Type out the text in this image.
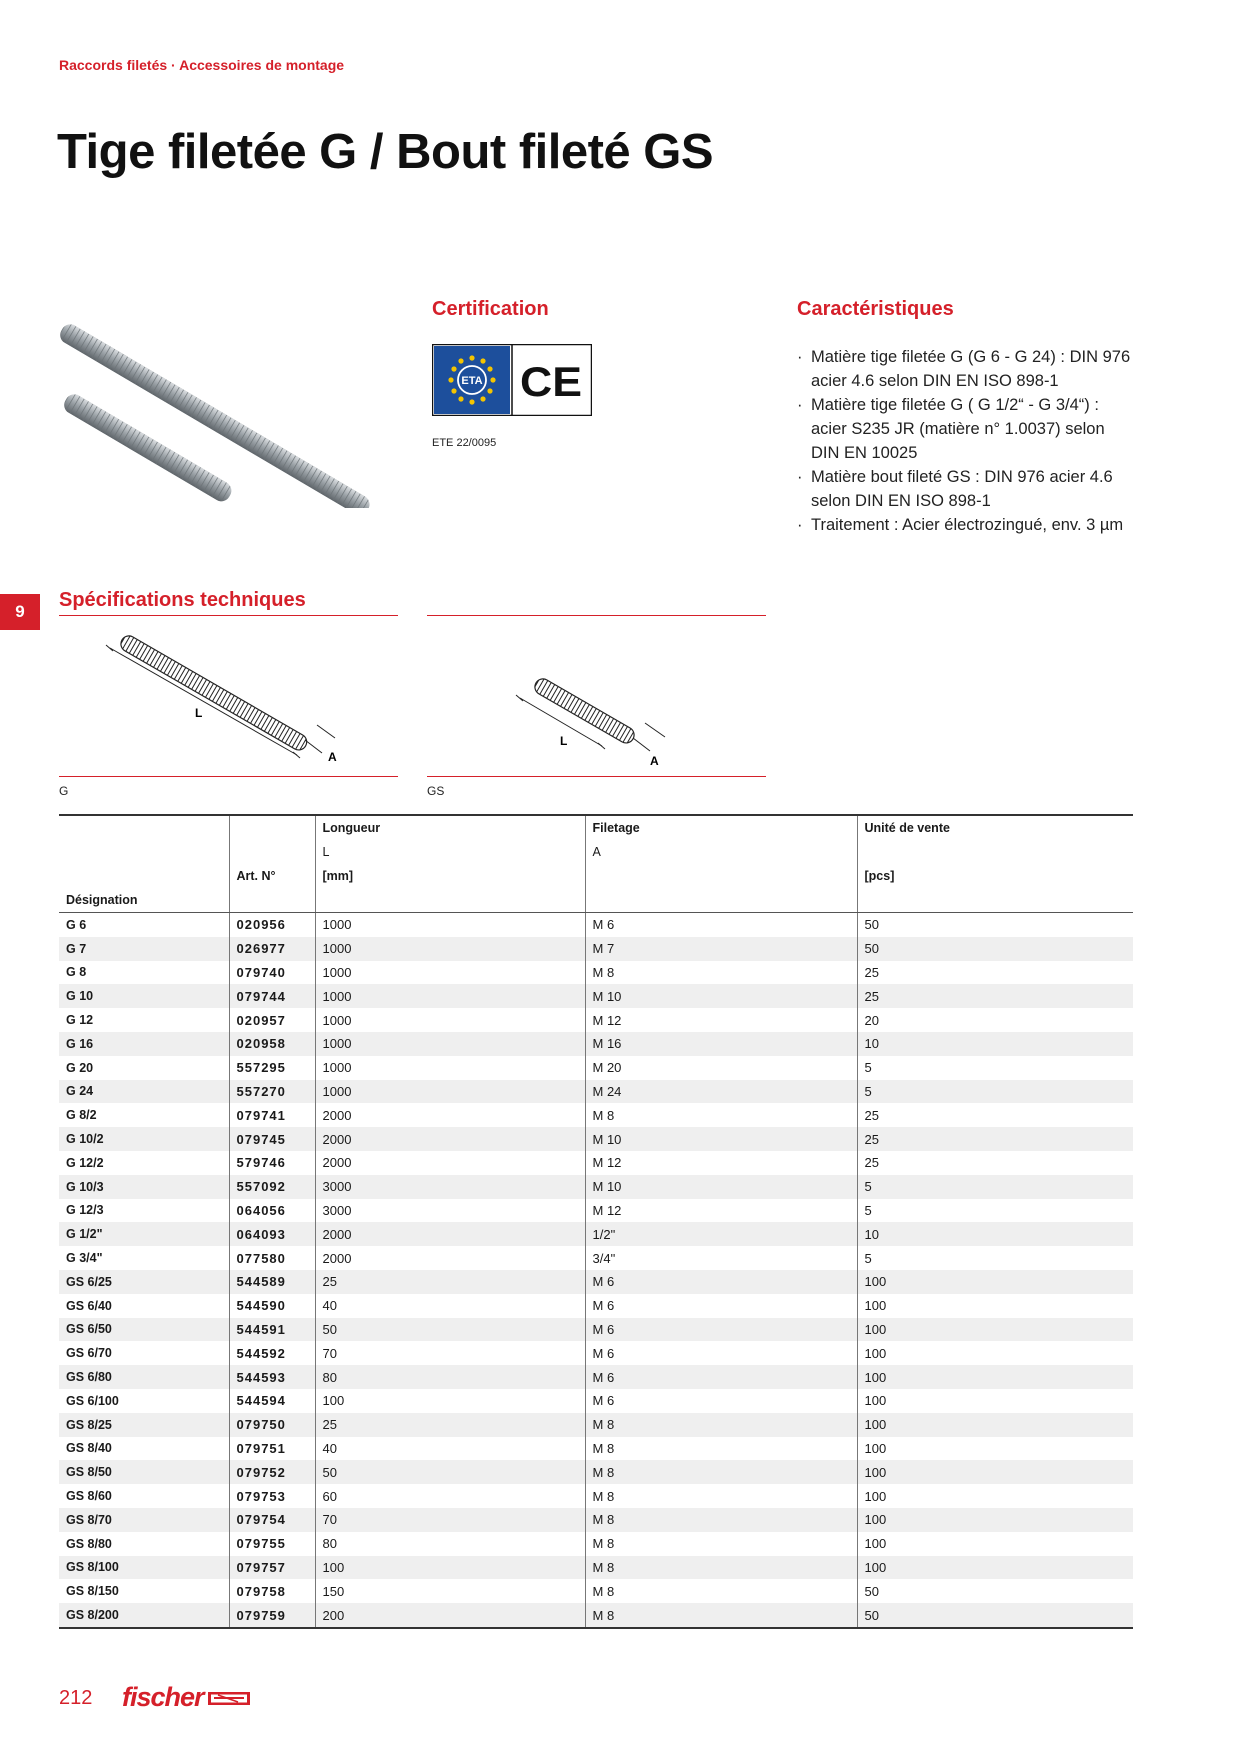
Raccords filetés · Accessoires de montage
Tige filetée G / Bout fileté GS
Certification
ETA CE
ETE 22/0095
Caractéristiques
· Matière tige filetée G (G 6 - G 24) : DIN 976 acier 4.6 selon DIN EN ISO 898-1
· Matière tige filetée G ( G 1/2“ - G 3/4“) : acier S235 JR (matière n° 1.0037) selon DIN EN 10025
· Matière bout fileté GS : DIN 976 acier 4.6 selon DIN EN ISO 898-1
· Traitement : Acier électrozingué, env. 3 µm
9
Spécifications techniques
L
A
L
A
G	GS
		Longueur	Filetage	Unité de vente
		L	A	
	Art. N°	[mm]		[pcs]
Désignation				
G 6	020956	1000	M 6	50
G 7	026977	1000	M 7	50
G 8	079740	1000	M 8	25
G 10	079744	1000	M 10	25
G 12	020957	1000	M 12	20
G 16	020958	1000	M 16	10
G 20	557295	1000	M 20	5
G 24	557270	1000	M 24	5
G 8/2	079741	2000	M 8	25
G 10/2	079745	2000	M 10	25
G 12/2	579746	2000	M 12	25
G 10/3	557092	3000	M 10	5
G 12/3	064056	3000	M 12	5
G 1/2"	064093	2000	1/2"	10
G 3/4"	077580	2000	3/4"	5
GS 6/25	544589	25	M 6	100
GS 6/40	544590	40	M 6	100
GS 6/50	544591	50	M 6	100
GS 6/70	544592	70	M 6	100
GS 6/80	544593	80	M 6	100
GS 6/100	544594	100	M 6	100
GS 8/25	079750	25	M 8	100
GS 8/40	079751	40	M 8	100
GS 8/50	079752	50	M 8	100
GS 8/60	079753	60	M 8	100
GS 8/70	079754	70	M 8	100
GS 8/80	079755	80	M 8	100
GS 8/100	079757	100	M 8	100
GS 8/150	079758	150	M 8	50
GS 8/200	079759	200	M 8	50
212 fischer
